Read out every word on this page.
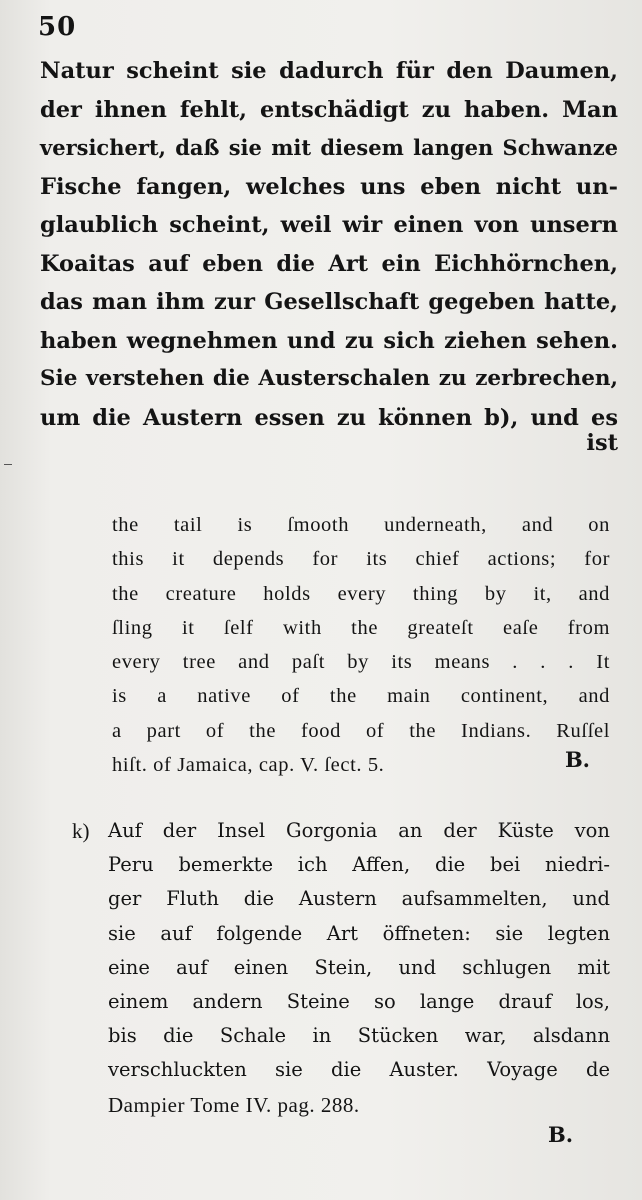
50
Natur scheint sie dadurch für den Daumen,
der ihnen fehlt, entschädigt zu haben. Man
versichert, daß sie mit diesem langen Schwanze
Fische fangen, welches uns eben nicht un-
glaublich scheint, weil wir einen von unsern
Koaitas auf eben die Art ein Eichhörnchen,
das man ihm zur Gesellschaft gegeben hatte,
haben wegnehmen und zu sich ziehen sehen.
Sie verstehen die Austerschalen zu zerbrechen,
um die Austern essen zu können b), und es
ist
the tail is ſmooth underneath, and on
this it depends for its chief actions; for
the creature holds every thing by it, and
ſling it ſelf with the greateſt eaſe from
every tree and paſt by its means . . . It
is a native of the main continent, and
a part of the food of the Indians. Ruſſel
hiſt. of Jamaica, cap. V. ſect. 5.	B.
k) Auf der Insel Gorgonia an der Küste von
Peru bemerkte ich Affen, die bei niedri-
ger Fluth die Austern aufsammelten, und
sie auf folgende Art öffneten: sie legten
eine auf einen Stein, und schlugen mit
einem andern Steine so lange drauf los,
bis die Schale in Stücken war, alsdann
verschluckten sie die Auster. Voyage de
Dampier Tome IV. pag. 288.
B.
